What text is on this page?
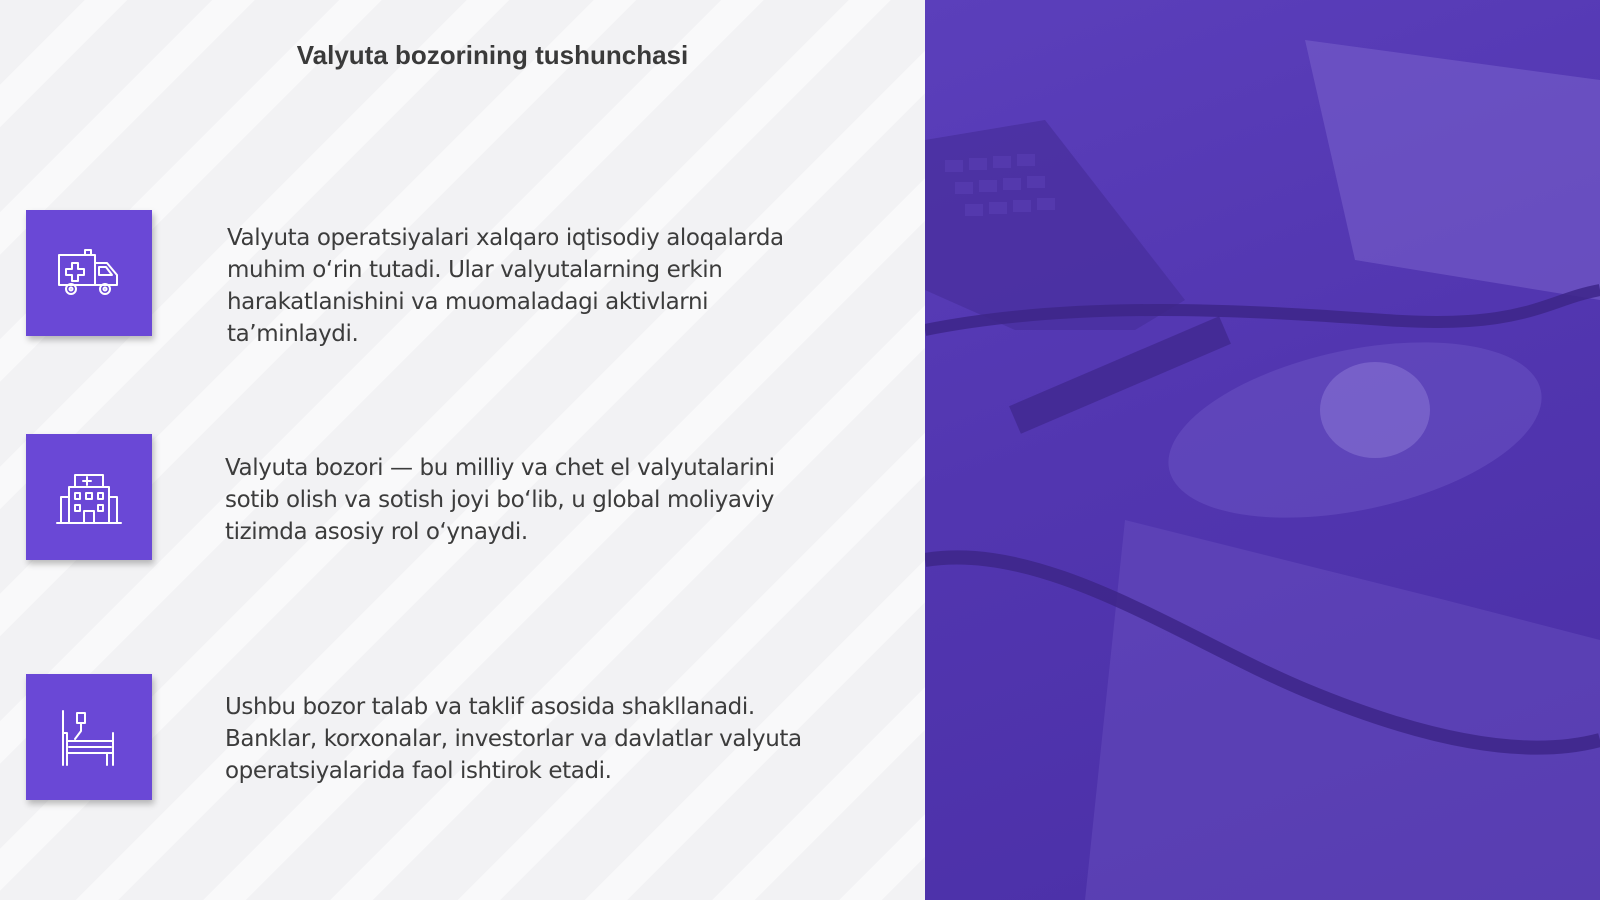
Valyuta bozorining tushunchasi
Valyuta operatsiyalari xalqaro iqtisodiy aloqalarda muhim o‘rin tutadi. Ular valyutalarning erkin harakatlanishini va muomaladagi aktivlarni ta’minlaydi.
Valyuta bozori — bu milliy va chet el valyutalarini sotib olish va sotish joyi bo‘lib, u global moliyaviy tizimda asosiy rol o‘ynaydi.
Ushbu bozor talab va taklif asosida shakllanadi. Banklar, korxonalar, investorlar va davlatlar valyuta operatsiyalarida faol ishtirok etadi.
